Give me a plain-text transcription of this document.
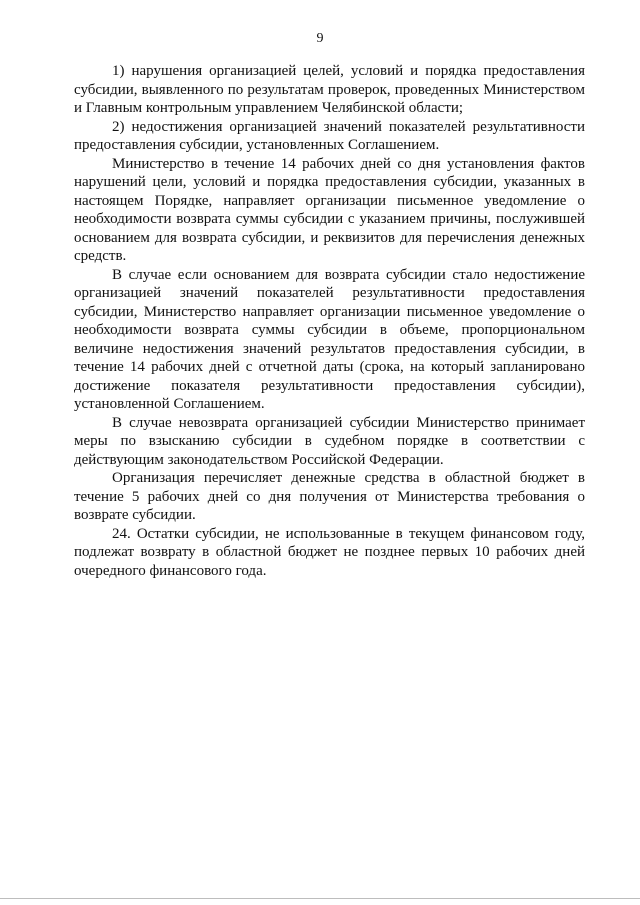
9

1) нарушения организацией целей, условий и порядка предоставления субсидии, выявленного по результатам проверок, проведенных Министерством и Главным контрольным управлением Челябинской области;

2) недостижения организацией значений показателей результативности предоставления субсидии, установленных Соглашением.

Министерство в течение 14 рабочих дней со дня установления фактов нарушений цели, условий и порядка предоставления субсидии, указанных в настоящем Порядке, направляет организации письменное уведомление о необходимости возврата суммы субсидии с указанием причины, послужившей основанием для возврата субсидии, и реквизитов для перечисления денежных средств.

В случае если основанием для возврата субсидии стало недостижение организацией значений показателей результативности предоставления субсидии, Министерство направляет организации письменное уведомление о необходимости возврата суммы субсидии в объеме, пропорциональном величине недостижения значений результатов предоставления субсидии, в течение 14 рабочих дней с отчетной даты (срока, на который запланировано достижение показателя результативности предоставления субсидии), установленной Соглашением.

В случае невозврата организацией субсидии Министерство принимает меры по взысканию субсидии в судебном порядке в соответствии с действующим законодательством Российской Федерации.

Организация перечисляет денежные средства в областной бюджет в течение 5 рабочих дней со дня получения от Министерства требования о возврате субсидии.

24. Остатки субсидии, не использованные в текущем финансовом году, подлежат возврату в областной бюджет не позднее первых 10 рабочих дней очередного финансового года.
